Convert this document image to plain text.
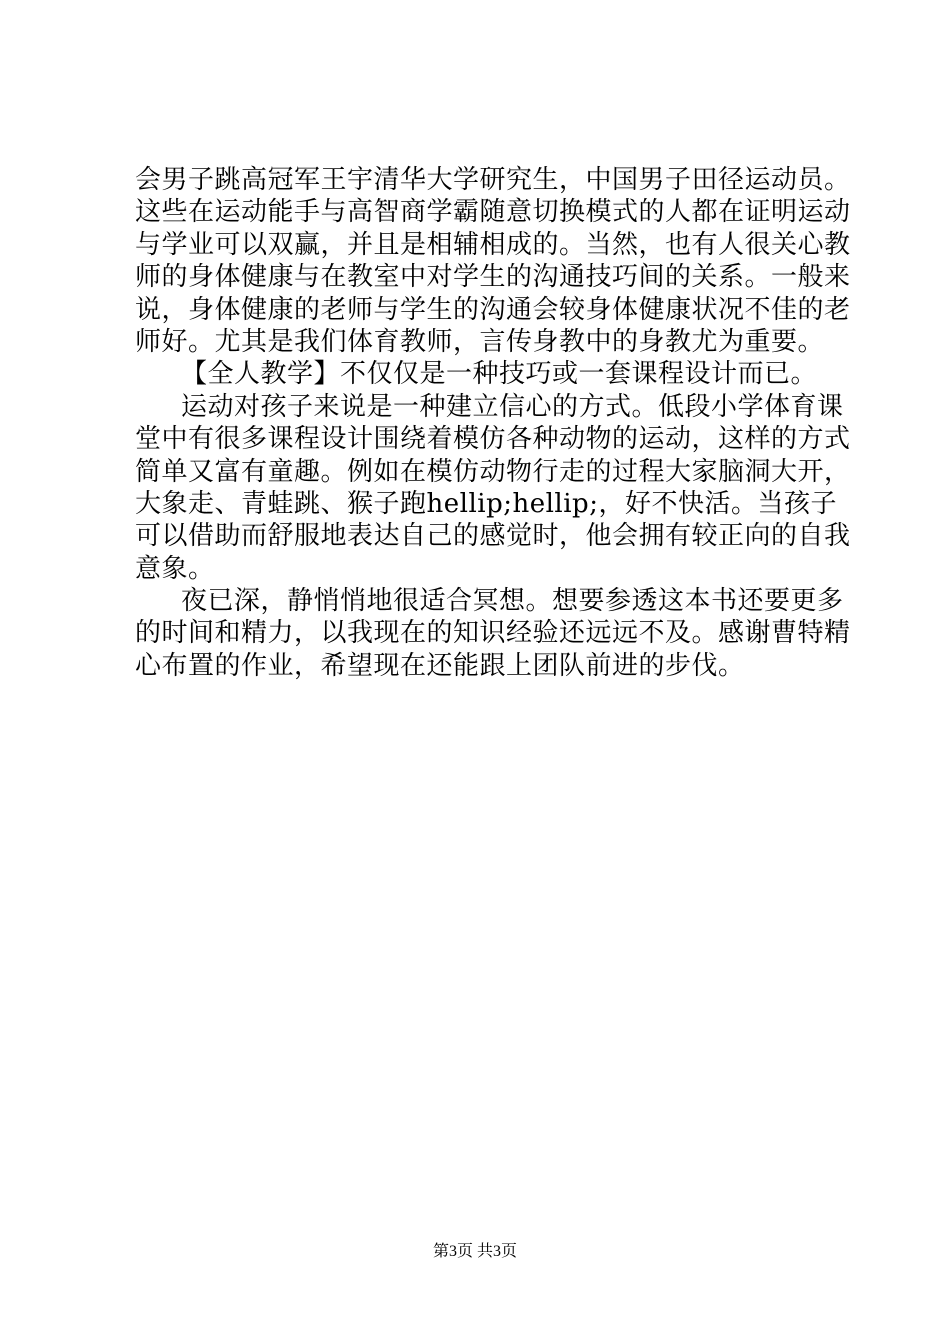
会男子跳高冠军王宇清华大学研究生，中国男子田径运动员。
这些在运动能手与高智商学霸随意切换模式的人都在证明运动
与学业可以双赢，并且是相辅相成的。当然，也有人很关心教
师的身体健康与在教室中对学生的沟通技巧间的关系。一般来
说，身体健康的老师与学生的沟通会较身体健康状况不佳的老
师好。尤其是我们体育教师，言传身教中的身教尤为重要。
【全人教学】不仅仅是一种技巧或一套课程设计而已。
运动对孩子来说是一种建立信心的方式。低段小学体育课
堂中有很多课程设计围绕着模仿各种动物的运动，这样的方式
简单又富有童趣。例如在模仿动物行走的过程大家脑洞大开，
大象走、青蛙跳、猴子跑hellip;hellip;，好不快活。当孩子
可以借助而舒服地表达自己的感觉时，他会拥有较正向的自我
意象。
夜已深，静悄悄地很适合冥想。想要参透这本书还要更多
的时间和精力，以我现在的知识经验还远远不及。感谢曹特精
心布置的作业，希望现在还能跟上团队前进的步伐。
第3页 共3页
